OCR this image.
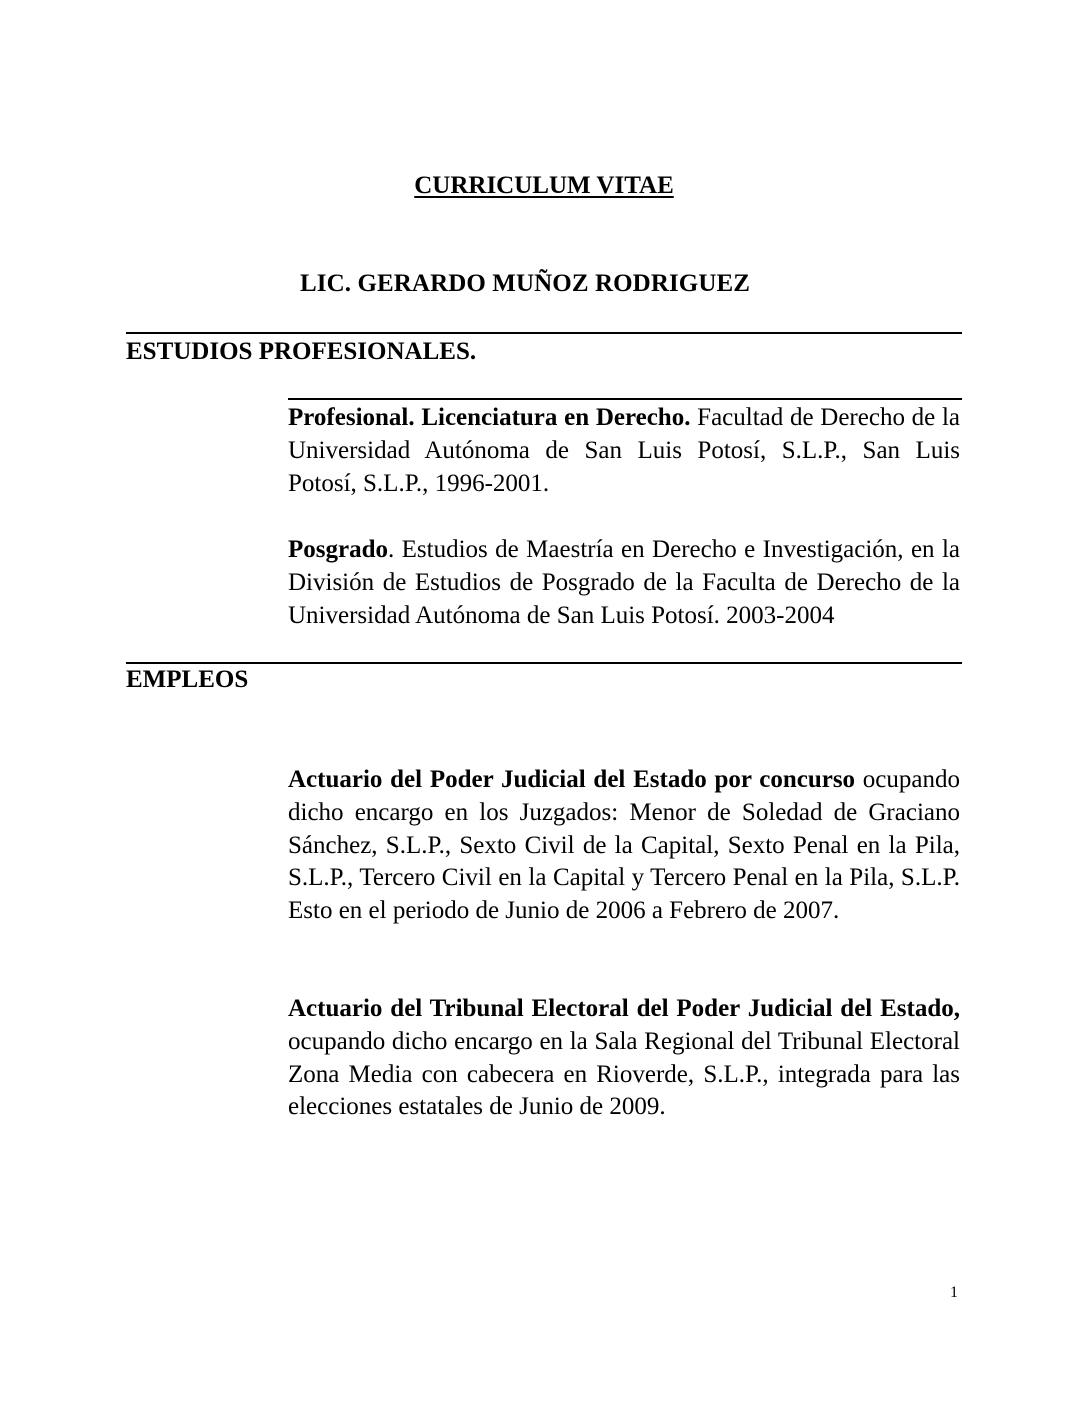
CURRICULUM VITAE
LIC. GERARDO MUÑOZ RODRIGUEZ
ESTUDIOS PROFESIONALES.
Profesional. Licenciatura en Derecho. Facultad de Derecho de la Universidad Autónoma de San Luis Potosí, S.L.P., San Luis Potosí, S.L.P., 1996-2001.
Posgrado. Estudios de Maestría en Derecho e Investigación, en la División de Estudios de Posgrado de la Faculta de Derecho de la Universidad Autónoma de San Luis Potosí. 2003-2004
EMPLEOS
Actuario del Poder Judicial del Estado por concurso ocupando dicho encargo en los Juzgados: Menor de Soledad de Graciano Sánchez, S.L.P., Sexto Civil de la Capital, Sexto Penal en la Pila, S.L.P., Tercero Civil en la Capital y Tercero Penal en la Pila, S.L.P. Esto en el periodo de Junio de 2006 a Febrero de 2007.
Actuario del Tribunal Electoral del Poder Judicial del Estado, ocupando dicho encargo en la Sala Regional del Tribunal Electoral Zona Media con cabecera en Rioverde, S.L.P., integrada para las elecciones estatales de Junio de 2009.
1
